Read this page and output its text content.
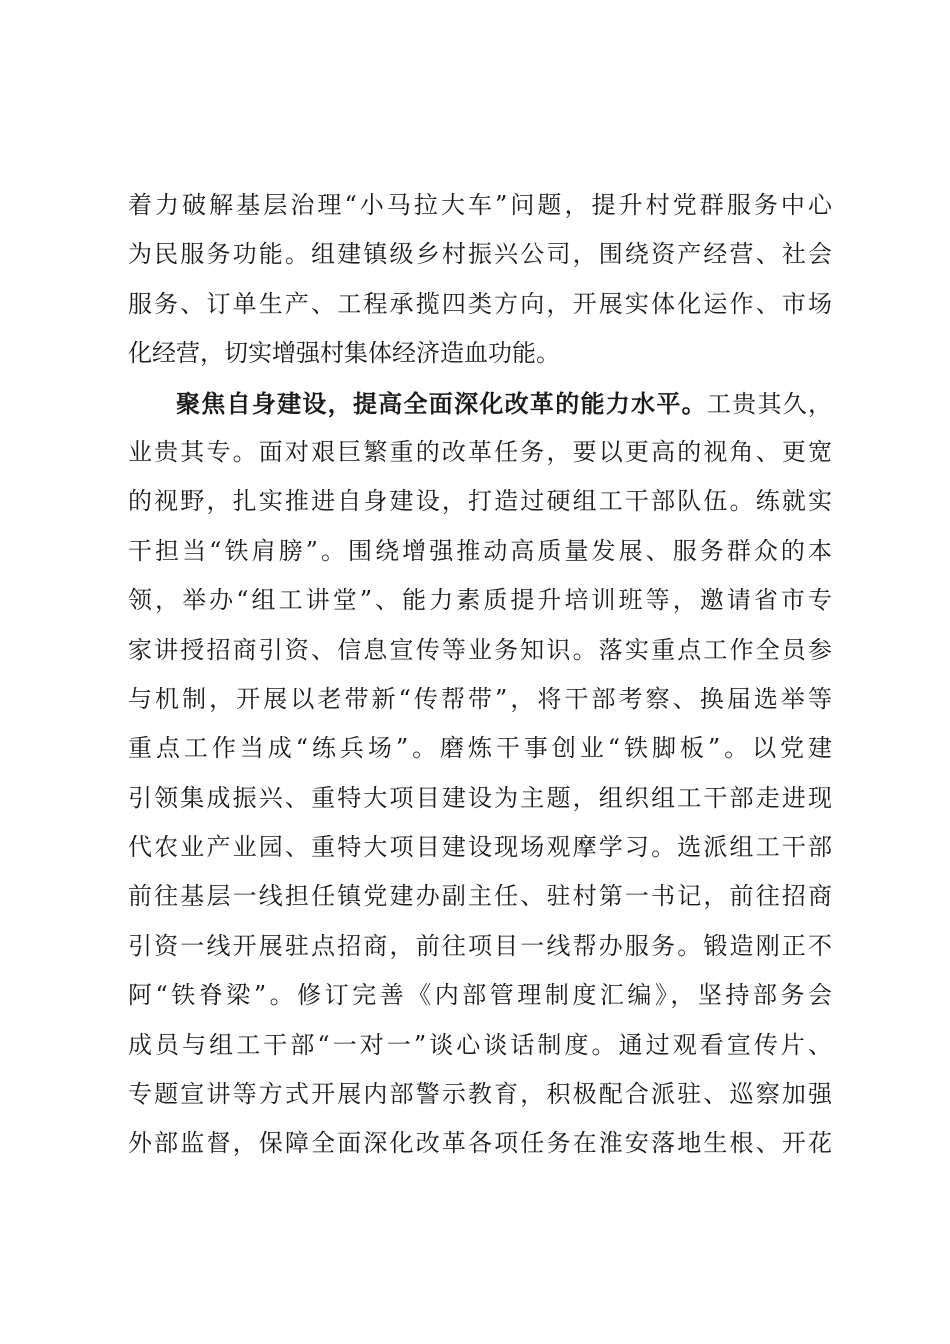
着力破解基层治理“小马拉大车”问题，提升村党群服务中心
为民服务功能。组建镇级乡村振兴公司，围绕资产经营、社会
服务、订单生产、工程承揽四类方向，开展实体化运作、市场
化经营，切实增强村集体经济造血功能。
聚焦自身建设，提高全面深化改革的能力水平。工贵其久，
业贵其专。面对艰巨繁重的改革任务，要以更高的视角、更宽
的视野，扎实推进自身建设，打造过硬组工干部队伍。练就实
干担当“铁肩膀”。围绕增强推动高质量发展、服务群众的本
领，举办“组工讲堂”、能力素质提升培训班等，邀请省市专
家讲授招商引资、信息宣传等业务知识。落实重点工作全员参
与机制，开展以老带新“传帮带”，将干部考察、换届选举等
重点工作当成“练兵场”。磨炼干事创业“铁脚板”。以党建
引领集成振兴、重特大项目建设为主题，组织组工干部走进现
代农业产业园、重特大项目建设现场观摩学习。选派组工干部
前往基层一线担任镇党建办副主任、驻村第一书记，前往招商
引资一线开展驻点招商，前往项目一线帮办服务。锻造刚正不
阿“铁脊梁”。修订完善《内部管理制度汇编》，坚持部务会
成员与组工干部“一对一”谈心谈话制度。通过观看宣传片、
专题宣讲等方式开展内部警示教育，积极配合派驻、巡察加强
外部监督，保障全面深化改革各项任务在淮安落地生根、开花
